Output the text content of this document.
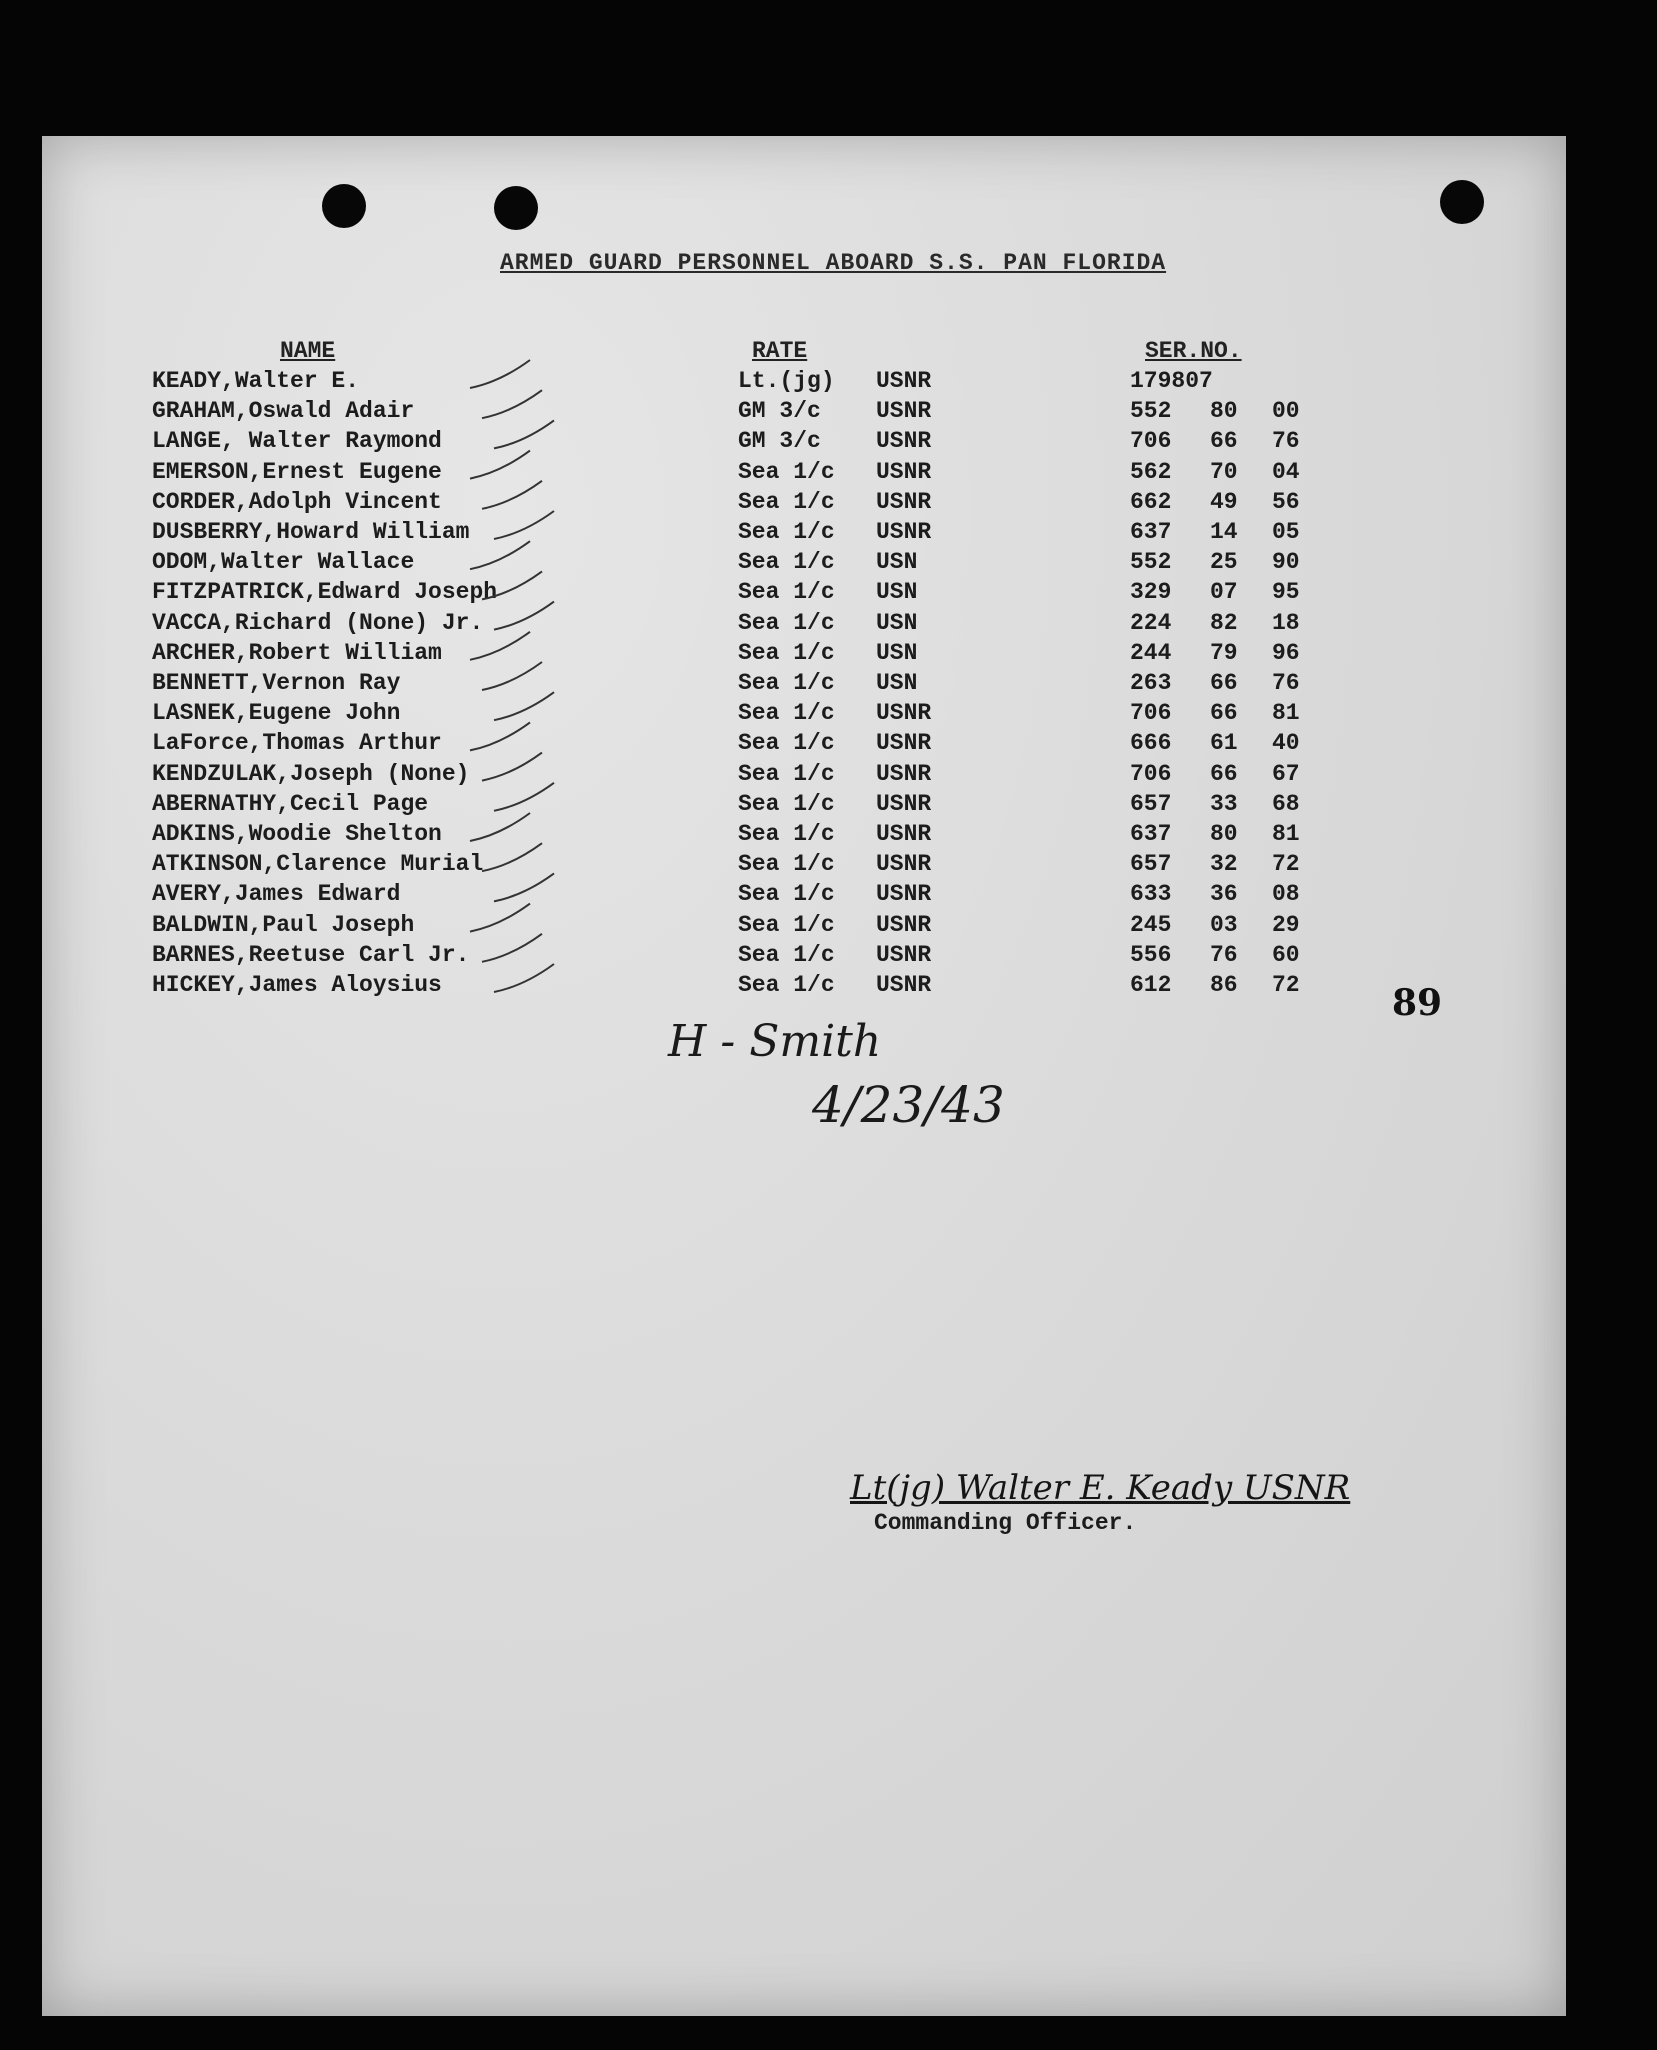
ARMED GUARD PERSONNEL ABOARD S.S. PAN FLORIDA
NAME	RATE	SER.NO.
KEADY,Walter E.	Lt.(jg) USNR	179807
GRAHAM,Oswald Adair	GM 3/c USNR	552 80 00
LANGE, Walter Raymond	GM 3/c USNR	706 66 76
EMERSON,Ernest Eugene	Sea 1/c USNR	562 70 04
CORDER,Adolph Vincent	Sea 1/c USNR	662 49 56
DUSBERRY,Howard William	Sea 1/c USNR	637 14 05
ODOM,Walter Wallace	Sea 1/c USN	552 25 90
FITZPATRICK,Edward Joseph	Sea 1/c USN	329 07 95
VACCA,Richard (None) Jr.	Sea 1/c USN	224 82 18
ARCHER,Robert William	Sea 1/c USN	244 79 96
BENNETT,Vernon Ray	Sea 1/c USN	263 66 76
LASNEK,Eugene John	Sea 1/c USNR	706 66 81
LaForce,Thomas Arthur	Sea 1/c USNR	666 61 40
KENDZULAK,Joseph (None)	Sea 1/c USNR	706 66 67
ABERNATHY,Cecil Page	Sea 1/c USNR	657 33 68
ADKINS,Woodie Shelton	Sea 1/c USNR	637 80 81
ATKINSON,Clarence Murial	Sea 1/c USNR	657 32 72
AVERY,James Edward	Sea 1/c USNR	633 36 08
BALDWIN,Paul Joseph	Sea 1/c USNR	245 03 29
BARNES,Reetuse Carl Jr.	Sea 1/c USNR	556 76 60
HICKEY,James Aloysius	Sea 1/c USNR	612 86 72	89
H - Smith
4/23/43
Lt(jg) Walter E. Keady USNR
Commanding Officer.
